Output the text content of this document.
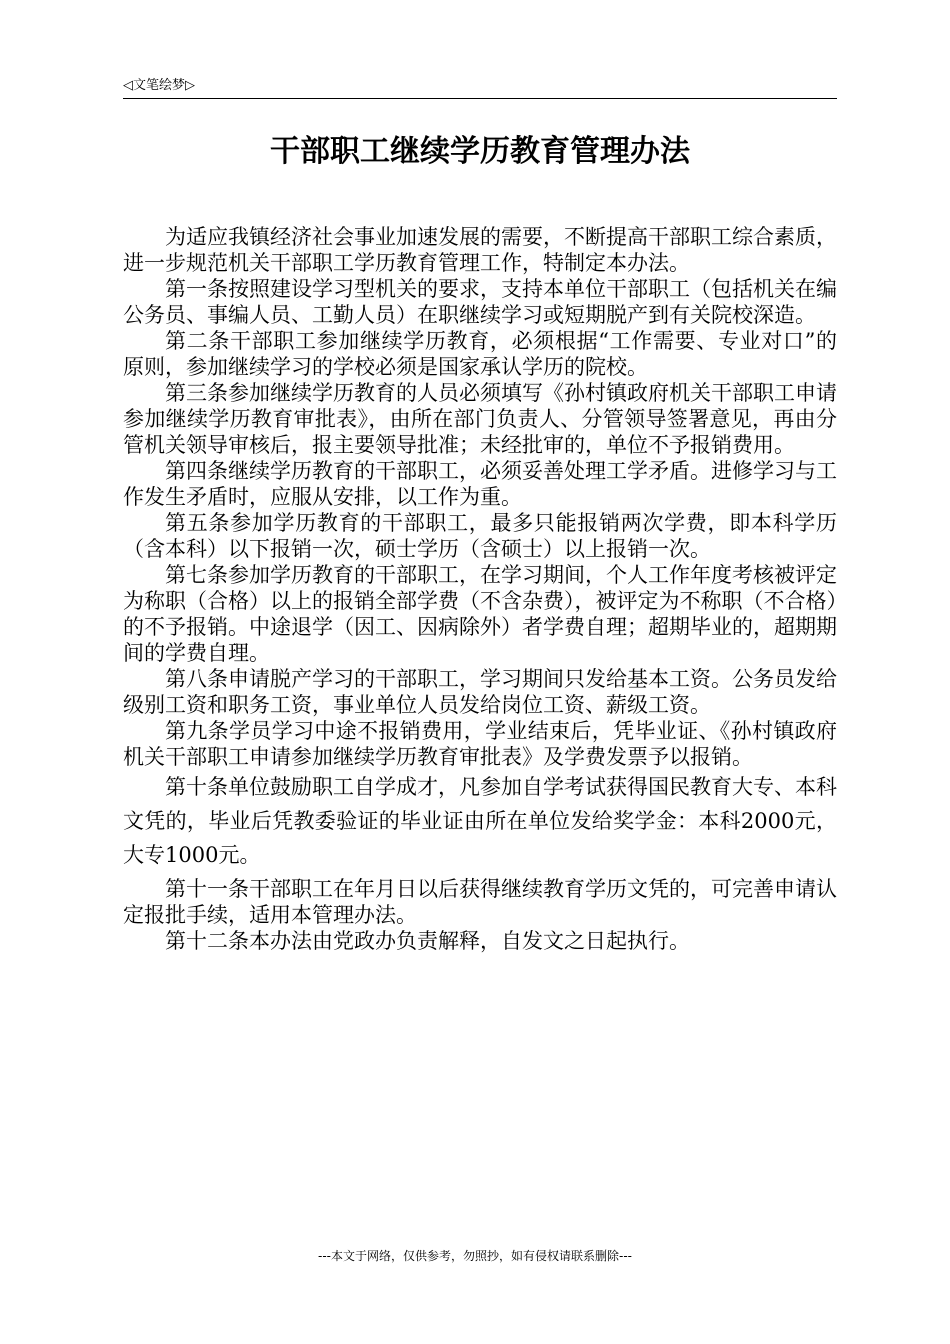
◁文笔绘梦▷
干部职工继续学历教育管理办法

为适应我镇经济社会事业加速发展的需要，不断提高干部职工综合素质，进一步规范机关干部职工学历教育管理工作，特制定本办法。

第一条按照建设学习型机关的要求，支持本单位干部职工（包括机关在编公务员、事编人员、工勤人员）在职继续学习或短期脱产到有关院校深造。

第二条干部职工参加继续学历教育，必须根据“工作需要、专业对口”的原则，参加继续学习的学校必须是国家承认学历的院校。

第三条参加继续学历教育的人员必须填写《孙村镇政府机关干部职工申请参加继续学历教育审批表》，由所在部门负责人、分管领导签署意见，再由分管机关领导审核后，报主要领导批准；未经批审的，单位不予报销费用。

第四条继续学历教育的干部职工，必须妥善处理工学矛盾。进修学习与工作发生矛盾时，应服从安排，以工作为重。

第五条参加学历教育的干部职工，最多只能报销两次学费，即本科学历（含本科）以下报销一次，硕士学历（含硕士）以上报销一次。

第七条参加学历教育的干部职工，在学习期间，个人工作年度考核被评定为称职（合格）以上的报销全部学费（不含杂费），被评定为不称职（不合格）的不予报销。中途退学（因工、因病除外）者学费自理；超期毕业的，超期期间的学费自理。

第八条申请脱产学习的干部职工，学习期间只发给基本工资。公务员发给级别工资和职务工资，事业单位人员发给岗位工资、薪级工资。

第九条学员学习中途不报销费用，学业结束后，凭毕业证、《孙村镇政府机关干部职工申请参加继续学历教育审批表》及学费发票予以报销。

第十条单位鼓励职工自学成才，凡参加自学考试获得国民教育大专、本科文凭的，毕业后凭教委验证的毕业证由所在单位发给奖学金：本科2000元，大专1000元。

第十一条干部职工在年月日以后获得继续教育学历文凭的，可完善申请认定报批手续，适用本管理办法。

第十二条本办法由党政办负责解释，自发文之日起执行。

---本文于网络，仅供参考，勿照抄，如有侵权请联系删除---
